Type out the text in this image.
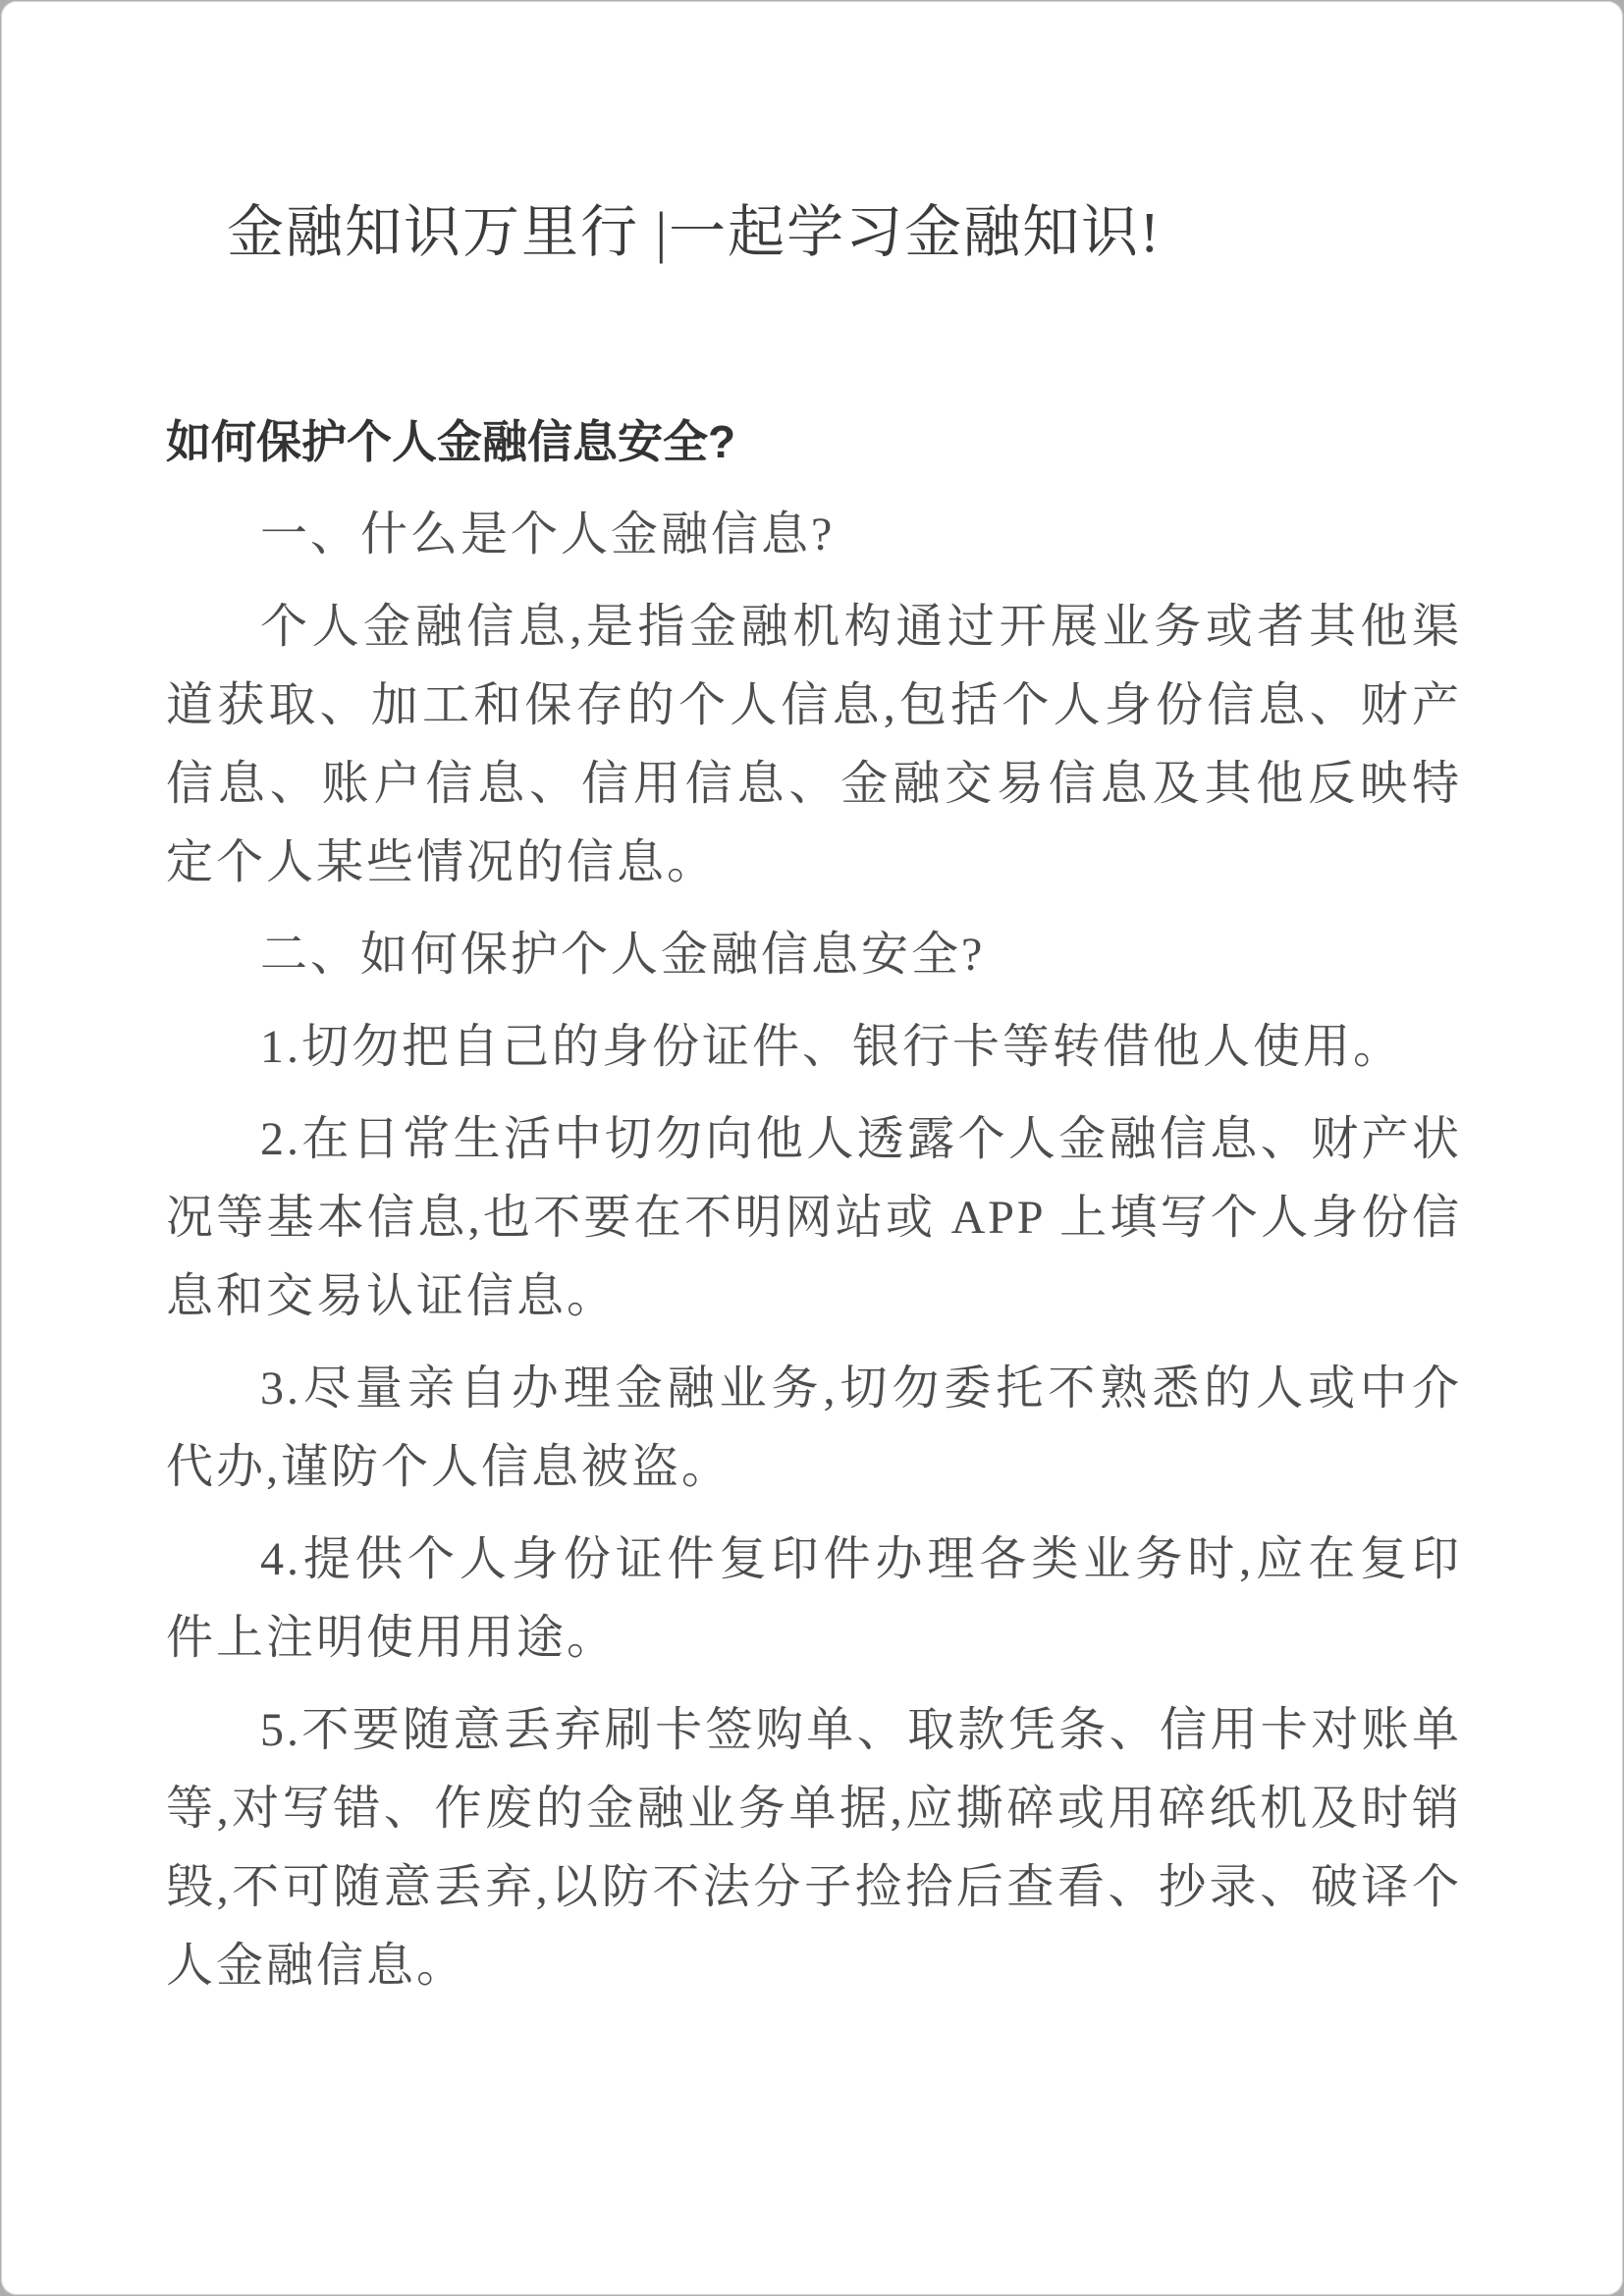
金融知识万里行 |一起学习金融知识!
如何保护个人金融信息安全?

一、什么是个人金融信息?

个人金融信息,是指金融机构通过开展业务或者其他渠道获取、加工和保存的个人信息,包括个人身份信息、财产信息、账户信息、信用信息、金融交易信息及其他反映特定个人某些情况的信息。

二、如何保护个人金融信息安全?

1.切勿把自己的身份证件、银行卡等转借他人使用。

2.在日常生活中切勿向他人透露个人金融信息、财产状况等基本信息,也不要在不明网站或 APP 上填写个人身份信息和交易认证信息。

3.尽量亲自办理金融业务,切勿委托不熟悉的人或中介代办,谨防个人信息被盗。

4.提供个人身份证件复印件办理各类业务时,应在复印件上注明使用用途。

5.不要随意丢弃刷卡签购单、取款凭条、信用卡对账单等,对写错、作废的金融业务单据,应撕碎或用碎纸机及时销毁,不可随意丢弃,以防不法分子捡拾后查看、抄录、破译个人金融信息。
